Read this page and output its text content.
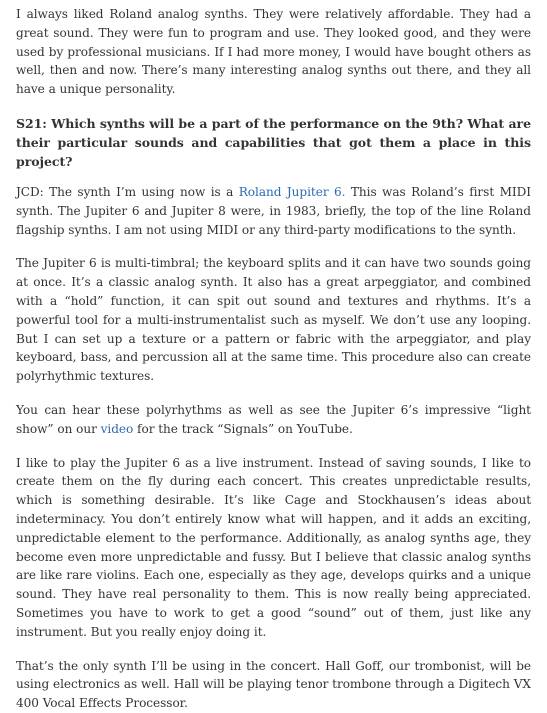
I always liked Roland analog synths. They were relatively affordable. They had a great sound. They were fun to program and use. They looked good, and they were used by professional musicians. If I had more money, I would have bought others as well, then and now. There’s many interesting analog synths out there, and they all have a unique personality.

S21: Which synths will be a part of the performance on the 9th? What are their particular sounds and capabilities that got them a place in this project?

JCD: The synth I’m using now is a Roland Jupiter 6. This was Roland’s first MIDI synth. The Jupiter 6 and Jupiter 8 were, in 1983, briefly, the top of the line Roland flagship synths. I am not using MIDI or any third-party modifications to the synth.

The Jupiter 6 is multi-timbral; the keyboard splits and it can have two sounds going at once. It’s a classic analog synth. It also has a great arpeggiator, and combined with a “hold” function, it can spit out sound and textures and rhythms. It’s a powerful tool for a multi-instrumentalist such as myself. We don’t use any looping. But I can set up a texture or a pattern or fabric with the arpeggiator, and play keyboard, bass, and percussion all at the same time. This procedure also can create polyrhythmic textures.

You can hear these polyrhythms as well as see the Jupiter 6’s impressive “light show” on our video for the track “Signals” on YouTube.

I like to play the Jupiter 6 as a live instrument. Instead of saving sounds, I like to create them on the fly during each concert. This creates unpredictable results, which is something desirable. It’s like Cage and Stockhausen’s ideas about indeterminacy. You don’t entirely know what will happen, and it adds an exciting, unpredictable element to the performance. Additionally, as analog synths age, they become even more unpredictable and fussy. But I believe that classic analog synths are like rare violins. Each one, especially as they age, develops quirks and a unique sound. They have real personality to them. This is now really being appreciated. Sometimes you have to work to get a good “sound” out of them, just like any instrument. But you really enjoy doing it.

That’s the only synth I’ll be using in the concert. Hall Goff, our trombonist, will be using electronics as well. Hall will be playing tenor trombone through a Digitech VX 400 Vocal Effects Processor.
